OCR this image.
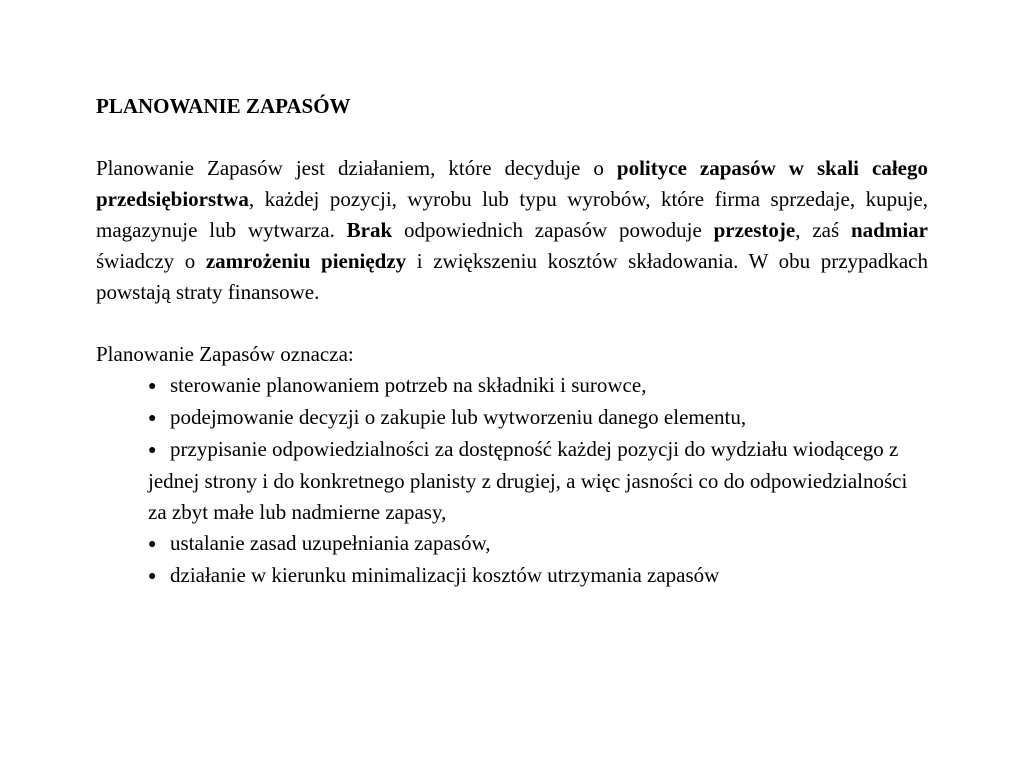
PLANOWANIE ZAPASÓW

Planowanie Zapasów jest działaniem, które decyduje o polityce zapasów w skali całego przedsiębiorstwa, każdej pozycji, wyrobu lub typu wyrobów, które firma sprzedaje, kupuje, magazynuje lub wytwarza. Brak odpowiednich zapasów powoduje przestoje, zaś nadmiar świadczy o zamrożeniu pieniędzy i zwiększeniu kosztów składowania. W obu przypadkach powstają straty finansowe.

Planowanie Zapasów oznacza:

● sterowanie planowaniem potrzeb na składniki i surowce,
● podejmowanie decyzji o zakupie lub wytworzeniu danego elementu,
● przypisanie odpowiedzialności za dostępność każdej pozycji do wydziału wiodącego z jednej strony i do konkretnego planisty z drugiej, a więc jasności co do odpowiedzialności za zbyt małe lub nadmierne zapasy,
● ustalanie zasad uzupełniania zapasów,
● działanie w kierunku minimalizacji kosztów utrzymania zapasów
